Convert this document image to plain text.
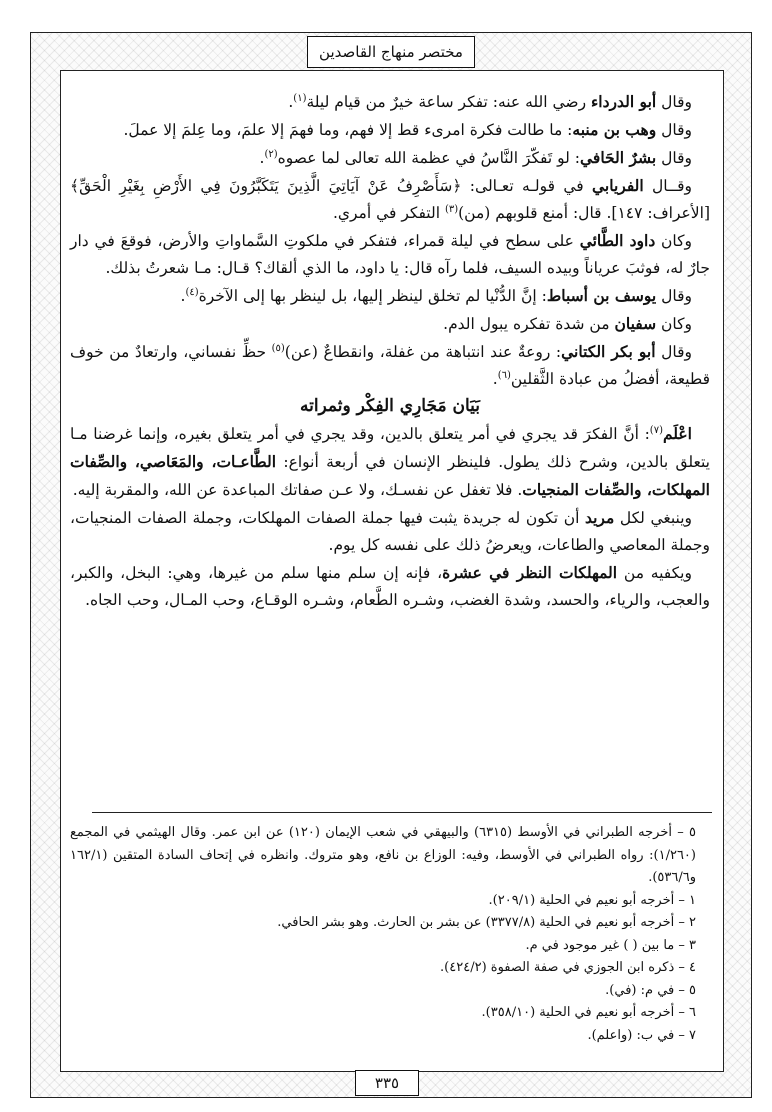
مختصر منهاج القاصدين

وقال أبو الدرداء رضي الله عنه: تفكر ساعة خيرٌ من قيام ليلة$^{(١)}$.

وقال وهب بن منبه: ما طالت فكرة امرىء قط إلا فهم، وما فهمَ إلا علمَ، وما عِلمَ إلا عملَ.

وقال بشرٌ الحَافي: لو تَفكّرَ النَّاسُ في عظمة الله تعالى لما عصوه$^{(٢)}$.

وقــال الفريابي في قولـه تعـالى: ﴿سَأَصْرِفُ عَنْ آيَاتِيَ الَّذِينَ يَتَكَبَّرُونَ فِي الأَرْضِ بِغَيْرِ الْحَقِّ﴾[الأعراف: ١٤٧]. قال: أمنع قلوبهم (من)$^{(٣)}$ التفكر في أمري.

وكان داود الطَّائي على سطح في ليلة قمراء، فتفكر في ملكوتِ السَّماواتِ والأرض، فوقعَ في دار جارٌ له، فوثبَ عرياناً وبيده السيف، فلما رآه قال: يا داود، ما الذي ألقاك؟ قـال: مـا شعرتُ بذلك.

وقال يوسف بن أسباط: إنَّ الدُّنْيا لم تخلق لينظر إليها، بل لينظر بها إلى الآخرة$^{(٤)}$.

وكان سفيان من شدة تفكره يبول الدم.

وقال أبو بكر الكتاني: روعةٌ عند انتباهة من غفلة، وانقطاعٌ (عن)$^{(٥)}$ حظِّ نفساني، وارتعادٌ من خوف قطيعة، أفضلُ من عبادة الثَّقلين$^{(٦)}$.

بَيَان مَجَارِي الفِكْر وثمراته

اعْلَم$^{(٧)}$: أنَّ الفكرَ قد يجري في أمر يتعلق بالدين، وقد يجري في أمر يتعلق بغيره، وإنما غرضنا مـا يتعلق بالدين، وشرح ذلك يطول. فلينظر الإنسان في أربعة أنواع: الطَّاعـات، والمَعَاصي، والصِّفات المهلكات، والصِّفات المنجيات. فلا تغفل عن نفسـك، ولا عـن صفاتك المباعدة عن الله، والمقربة إليه.

وينبغي لكل مريد أن تكون له جريدة يثبت فيها جملة الصفات المهلكات، وجملة الصفات المنجيات، وجملة المعاصي والطاعات، ويعرضُ ذلك على نفسه كل يوم.

ويكفيه من المهلكات النظر في عشرة، فإنه إن سلم منها سلم من غيرها، وهي: البخل، والكبر، والعجب، والرياء، والحسد، وشدة الغضب، وشـره الطَّعام، وشـره الوقـاع، وحب المـال، وحب الجاه.

٥ – أخرجه الطبراني في الأوسط (٦٣١٥) والبيهقي في شعب الإيمان (١٢٠) عن ابن عمر. وقال الهيثمي في المجمع (١/٢٦٠): رواه الطبراني في الأوسط، وفيه: الوزاع بن نافع، وهو متروك. وانظره في إتحاف السادة المتقين (١٦٢/١ و٥٣٦/٦).

١ – أخرجه أبو نعيم في الحلية (٢٠٩/١).

٢ – أخرجه أبو نعيم في الحلية (٣٣٧٧/٨) عن بشر بن الحارث. وهو بشر الحافي.

٣ – ما بين ( ) غير موجود في م.

٤ – ذكره ابن الجوزي في صفة الصفوة (٤٢٤/٢).

٥ – في م: (في).

٦ – أخرجه أبو نعيم في الحلية (٣٥٨/١٠).

٧ – في ب: (واعلم).

٣٣٥
